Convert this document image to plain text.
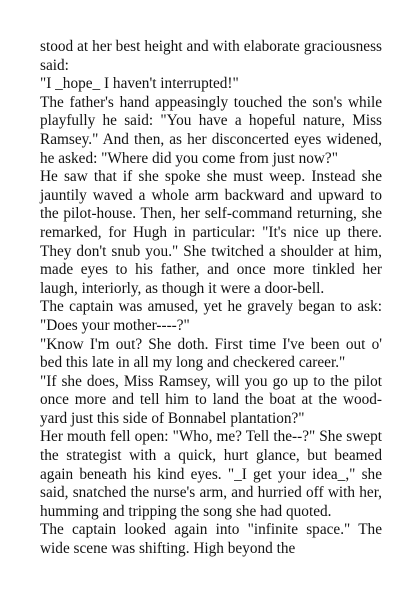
stood at her best height and with elaborate graciousness said:

"I _hope_ I haven't interrupted!"

The father's hand appeasingly touched the son's while playfully he said: "You have a hopeful nature, Miss Ramsey." And then, as her disconcerted eyes widened, he asked: "Where did you come from just now?"

He saw that if she spoke she must weep. Instead she jauntily waved a whole arm backward and upward to the pilot-house. Then, her self-command returning, she remarked, for Hugh in particular: "It's nice up there. They don't snub you." She twitched a shoulder at him, made eyes to his father, and once more tinkled her laugh, interiorly, as though it were a door-bell.

The captain was amused, yet he gravely began to ask: "Does your mother----?"

"Know I'm out? She doth. First time I've been out o' bed this late in all my long and checkered career."

"If she does, Miss Ramsey, will you go up to the pilot once more and tell him to land the boat at the wood-yard just this side of Bonnabel plantation?"

Her mouth fell open: "Who, me? Tell the--?" She swept the strategist with a quick, hurt glance, but beamed again beneath his kind eyes. "_I get your idea_," she said, snatched the nurse's arm, and hurried off with her, humming and tripping the song she had quoted.

The captain looked again into "infinite space." The wide scene was shifting. High beyond the
